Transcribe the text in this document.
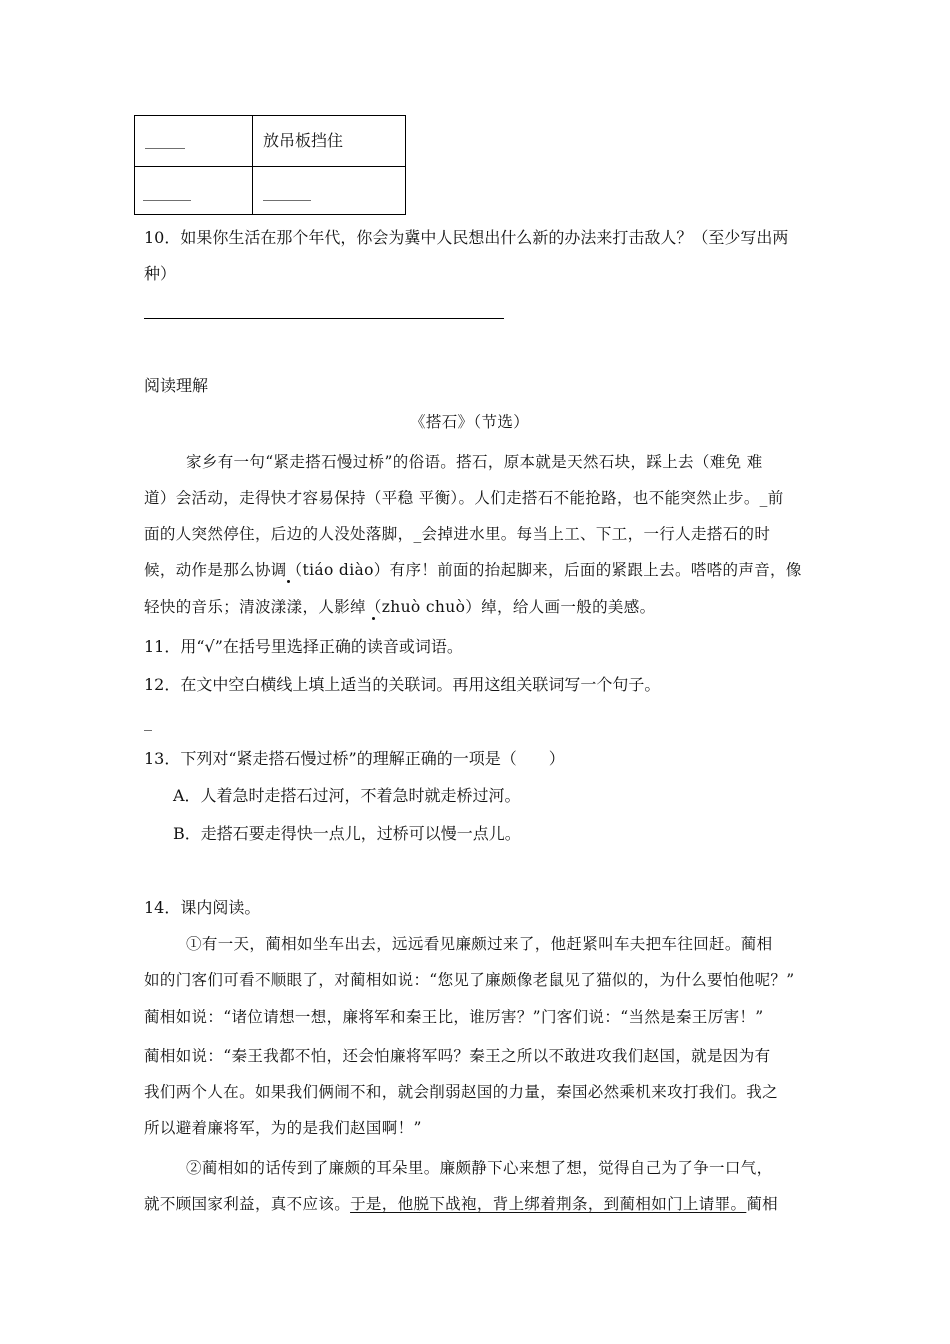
_____	放吊板挡住
______	______
10．如果你生活在那个年代，你会为冀中人民想出什么新的办法来打击敌人？（至少写出两
种）
阅读理解
《搭石》（节选）
家乡有一句“紧走搭石慢过桥”的俗语。搭石，原本就是天然石块，踩上去（难免 难
道）会活动，走得快才容易保持（平稳 平衡）。人们走搭石不能抢路，也不能突然止步。_前
面的人突然停住，后边的人没处落脚，_会掉进水里。每当上工、下工，一行人走搭石的时
候，动作是那么协调（tiáo diào）有序！前面的抬起脚来，后面的紧跟上去。嗒嗒的声音，像
轻快的音乐；清波漾漾，人影绰（zhuò chuò）绰，给人画一般的美感。
11．用“√”在括号里选择正确的读音或词语。
12．在文中空白横线上填上适当的关联词。再用这组关联词写一个句子。
_
13．下列对“紧走搭石慢过桥”的理解正确的一项是（　　）
A．人着急时走搭石过河，不着急时就走桥过河。
B．走搭石要走得快一点儿，过桥可以慢一点儿。
14．课内阅读。
①有一天，蔺相如坐车出去，远远看见廉颇过来了，他赶紧叫车夫把车往回赶。蔺相
如的门客们可看不顺眼了，对蔺相如说：“您见了廉颇像老鼠见了猫似的，为什么要怕他呢？”
蔺相如说：“诸位请想一想，廉将军和秦王比，谁厉害？”门客们说：“当然是秦王厉害！”
蔺相如说：“秦王我都不怕，还会怕廉将军吗？秦王之所以不敢进攻我们赵国，就是因为有
我们两个人在。如果我们俩闹不和，就会削弱赵国的力量，秦国必然乘机来攻打我们。我之
所以避着廉将军，为的是我们赵国啊！”
②蔺相如的话传到了廉颇的耳朵里。廉颇静下心来想了想，觉得自己为了争一口气，
就不顾国家利益，真不应该。于是，他脱下战袍，背上绑着荆条，到蔺相如门上请罪。蔺相
